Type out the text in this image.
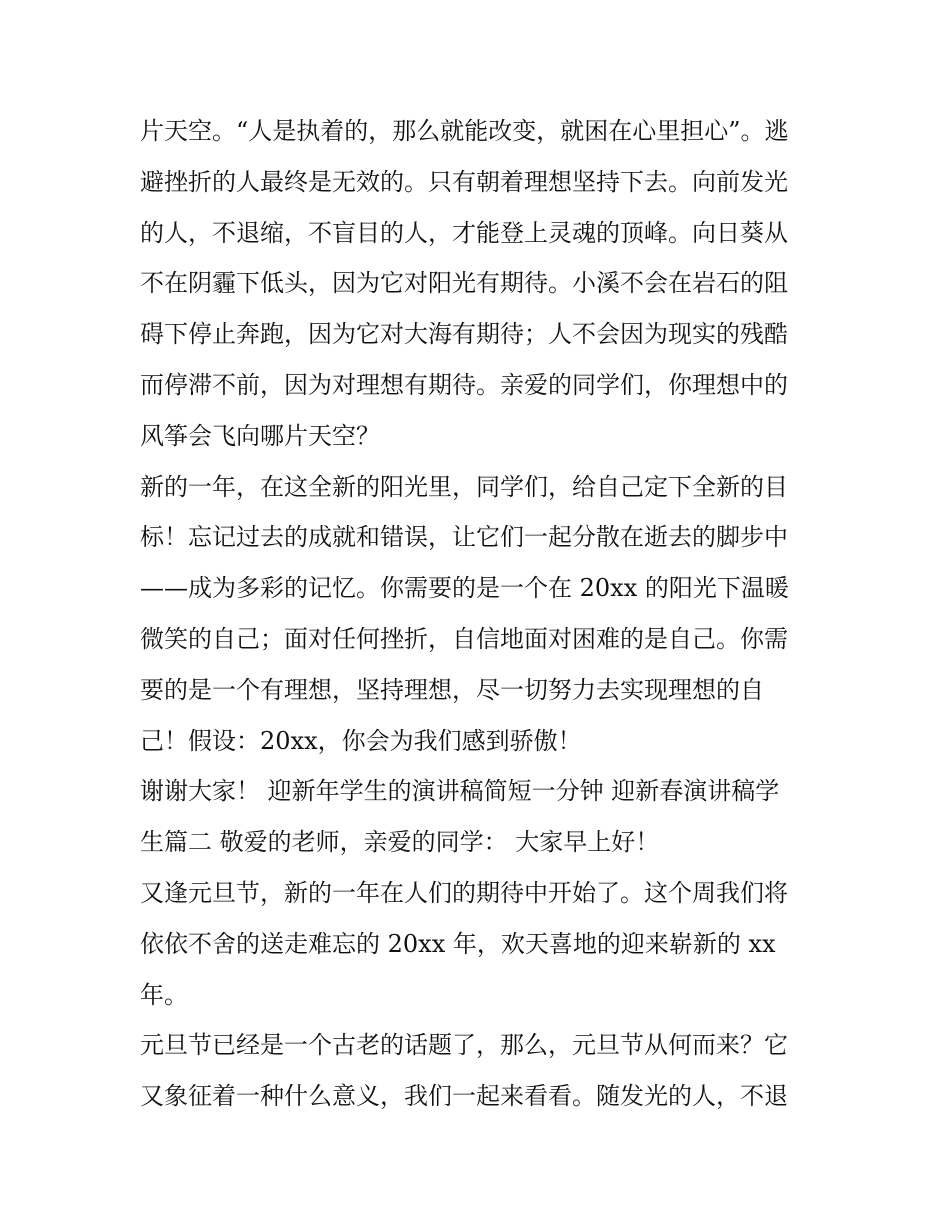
片天空。“人是执着的，那么就能改变，就困在心里担心”。逃
避挫折的人最终是无效的。只有朝着理想坚持下去。向前发光
的人，不退缩，不盲目的人，才能登上灵魂的顶峰。向日葵从
不在阴霾下低头，因为它对阳光有期待。小溪不会在岩石的阻
碍下停止奔跑，因为它对大海有期待；人不会因为现实的残酷
而停滞不前，因为对理想有期待。亲爱的同学们，你理想中的
风筝会飞向哪片天空？
新的一年，在这全新的阳光里，同学们，给自己定下全新的目
标！忘记过去的成就和错误，让它们一起分散在逝去的脚步中
——成为多彩的记忆。你需要的是一个在 20xx 的阳光下温暖
微笑的自己；面对任何挫折，自信地面对困难的是自己。你需
要的是一个有理想，坚持理想，尽一切努力去实现理想的自
己！假设：20xx，你会为我们感到骄傲！
谢谢大家！ 迎新年学生的演讲稿简短一分钟 迎新春演讲稿学
生篇二 敬爱的老师，亲爱的同学： 大家早上好！
又逢元旦节，新的一年在人们的期待中开始了。这个周我们将
依依不舍的送走难忘的 20xx 年，欢天喜地的迎来崭新的 xx
年。
元旦节已经是一个古老的话题了，那么，元旦节从何而来？它
又象征着一种什么意义，我们一起来看看。随发光的人，不退
